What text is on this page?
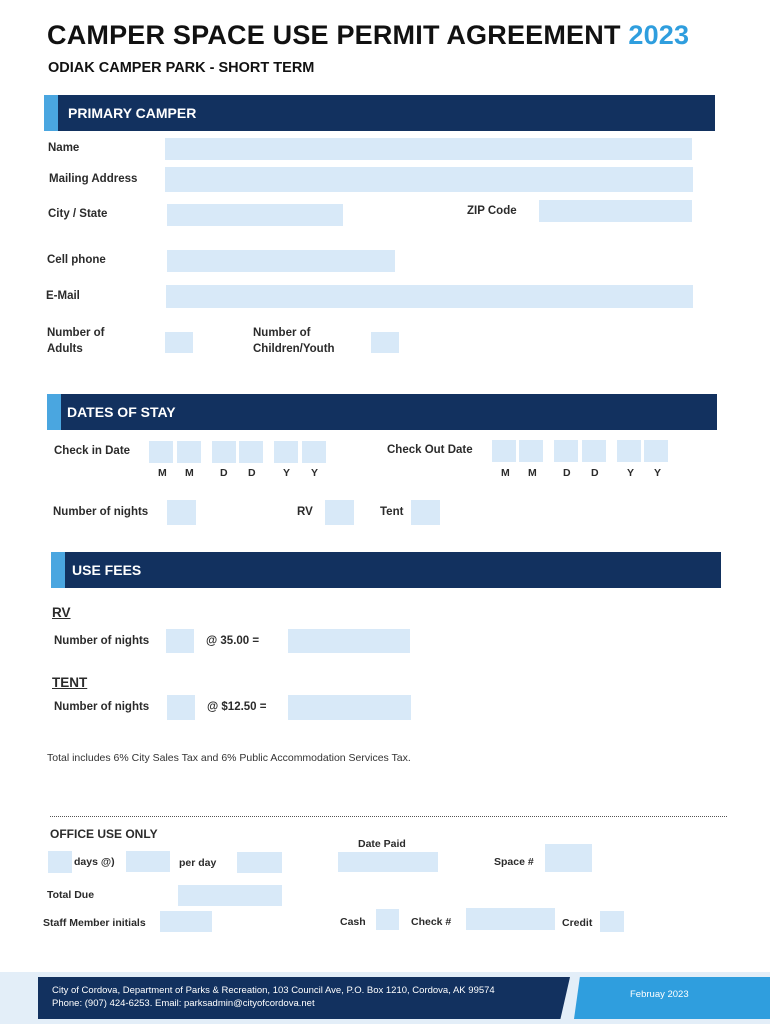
CAMPER SPACE USE PERMIT AGREEMENT 2023
ODIAK CAMPER PARK - SHORT TERM
PRIMARY CAMPER
Name
Mailing Address
City / State	ZIP Code
Cell phone
E-Mail
Number of
Adults
Number of
Children/Youth
DATES OF STAY
Check in Date
M M	D D	Y Y
Check Out Date
M M	D D	Y Y
Number of nights	RV	Tent
USE FEES
RV
Number of nights	@ 35.00 =
TENT
Number of nights	@ $12.50 =
Total includes 6% City Sales Tax and 6% Public Accommodation Services Tax.
OFFICE USE ONLY
days @)	per day
Date Paid
Space #
Total Due
Staff Member initials	Cash	Check #	Credit
City of Cordova, Department of Parks & Recreation, 103 Council Ave, P.O. Box 1210, Cordova, AK 99574
Phone: (907) 424-6253. Email: parksadmin@cityofcordova.net
Februay 2023
